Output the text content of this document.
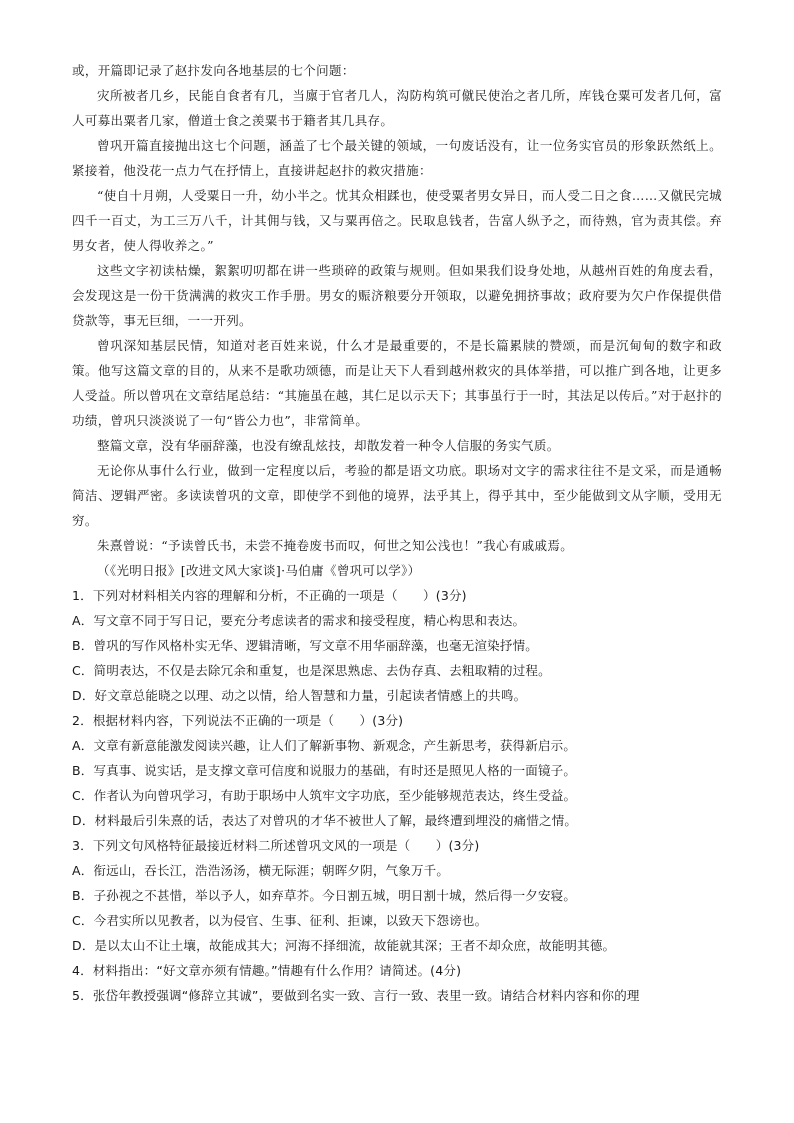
或，开篇即记录了赵抃发向各地基层的七个问题：

灾所被者几乡，民能自食者有几，当廪于官者几人，沟防构筑可僦民使治之者几所，库钱仓粟可发者几何，富人可募出粟者几家，僧道士食之羡粟书于籍者其几具存。

曾巩开篇直接抛出这七个问题，涵盖了七个最关键的领域，一句废话没有，让一位务实官员的形象跃然纸上。紧接着，他没花一点力气在抒情上，直接讲起赵抃的救灾措施：

“使自十月朔，人受粟日一升，幼小半之。忧其众相蹂也，使受粟者男女异日，而人受二日之食……又僦民完城四千一百丈，为工三万八千，计其佣与钱，又与粟再倍之。民取息钱者，告富人纵予之，而待熟，官为责其偿。弃男女者，使人得收养之。”

这些文字初读枯燥，絮絮叨叨都在讲一些琐碎的政策与规则。但如果我们设身处地，从越州百姓的角度去看，会发现这是一份干货满满的救灾工作手册。男女的赈济粮要分开领取，以避免拥挤事故；政府要为欠户作保提供借贷款等，事无巨细，一一开列。

曾巩深知基层民情，知道对老百姓来说，什么才是最重要的，不是长篇累牍的赞颂，而是沉甸甸的数字和政策。他写这篇文章的目的，从来不是歌功颂德，而是让天下人看到越州救灾的具体举措，可以推广到各地，让更多人受益。所以曾巩在文章结尾总结：“其施虽在越，其仁足以示天下；其事虽行于一时，其法足以传后。”对于赵抃的功绩，曾巩只淡淡说了一句“皆公力也”，非常简单。

整篇文章，没有华丽辞藻，也没有缭乱炫技，却散发着一种令人信服的务实气质。

无论你从事什么行业，做到一定程度以后，考验的都是语文功底。职场对文字的需求往往不是文采，而是通畅简洁、逻辑严密。多读读曾巩的文章，即使学不到他的境界，法乎其上，得乎其中，至少能做到文从字顺，受用无穷。

朱熹曾说：“予读曾氏书，未尝不掩卷废书而叹，何世之知公浅也！”我心有戚戚焉。

（《光明日报》[改进文风大家谈]·马伯庸《曾巩可以学》）

1．下列对材料相关内容的理解和分析，不正确的一项是（　　）(3分)

A．写文章不同于写日记，要充分考虑读者的需求和接受程度，精心构思和表达。

B．曾巩的写作风格朴实无华、逻辑清晰，写文章不用华丽辞藻，也毫无渲染抒情。

C．简明表达，不仅是去除冗余和重复，也是深思熟虑、去伪存真、去粗取精的过程。

D．好文章总能晓之以理、动之以情，给人智慧和力量，引起读者情感上的共鸣。

2．根据材料内容，下列说法不正确的一项是（　　）(3分)

A．文章有新意能激发阅读兴趣，让人们了解新事物、新观念，产生新思考，获得新启示。

B．写真事、说实话，是支撑文章可信度和说服力的基础，有时还是照见人格的一面镜子。

C．作者认为向曾巩学习，有助于职场中人筑牢文字功底，至少能够规范表达，终生受益。

D．材料最后引朱熹的话，表达了对曾巩的才华不被世人了解，最终遭到埋没的痛惜之情。

3．下列文句风格特征最接近材料二所述曾巩文风的一项是（　　）(3分)

A．衔远山，吞长江，浩浩汤汤，横无际涯；朝晖夕阴，气象万千。

B．子孙视之不甚惜，举以予人，如弃草芥。今日割五城，明日割十城，然后得一夕安寝。

C．今君实所以见教者，以为侵官、生事、征利、拒谏，以致天下怨谤也。

D．是以太山不让土壤，故能成其大；河海不择细流，故能就其深；王者不却众庶，故能明其德。

4．材料指出：“好文章亦须有情趣。”情趣有什么作用？请简述。(4分)

5．张岱年教授强调“修辞立其诚”，要做到名实一致、言行一致、表里一致。请结合材料内容和你的理
